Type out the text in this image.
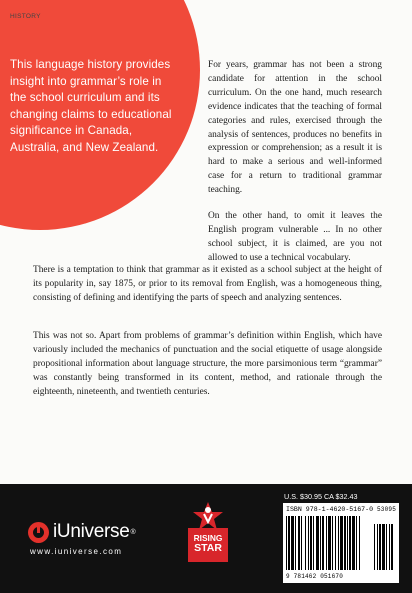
HISTORY
This language history provides insight into grammar’s role in the school curriculum and its changing claims to educational significance in Canada, Australia, and New Zealand.

For years, grammar has not been a strong candidate for attention in the school curriculum. On the one hand, much research evidence indicates that the teaching of formal categories and rules, exercised through the analysis of sentences, produces no benefits in expression or comprehension; as a result it is hard to make a serious and well-informed case for a return to traditional grammar teaching.

On the other hand, to omit it leaves the English program vulnerable ... In no other school subject, it is claimed, are you not allowed to use a technical vocabulary.

There is a temptation to think that grammar as it existed as a school subject at the height of its popularity in, say 1875, or prior to its removal from English, was a homogeneous thing, consisting of defining and identifying the parts of speech and analyzing sentences.

This was not so. Apart from problems of grammar’s definition within English, which have variously included the mechanics of punctuation and the social etiquette of usage alongside propositional information about language structure, the more parsimonious term “grammar” was constantly being transformed in its content, method, and rationale through the eighteenth, nineteenth, and twentieth centuries.

iUniverse ®
www.iuniverse.com
RISING
STAR
U.S. $30.95 CA $32.43
ISBN 978-1-4620-5167-0
9 781462 051670
53095
